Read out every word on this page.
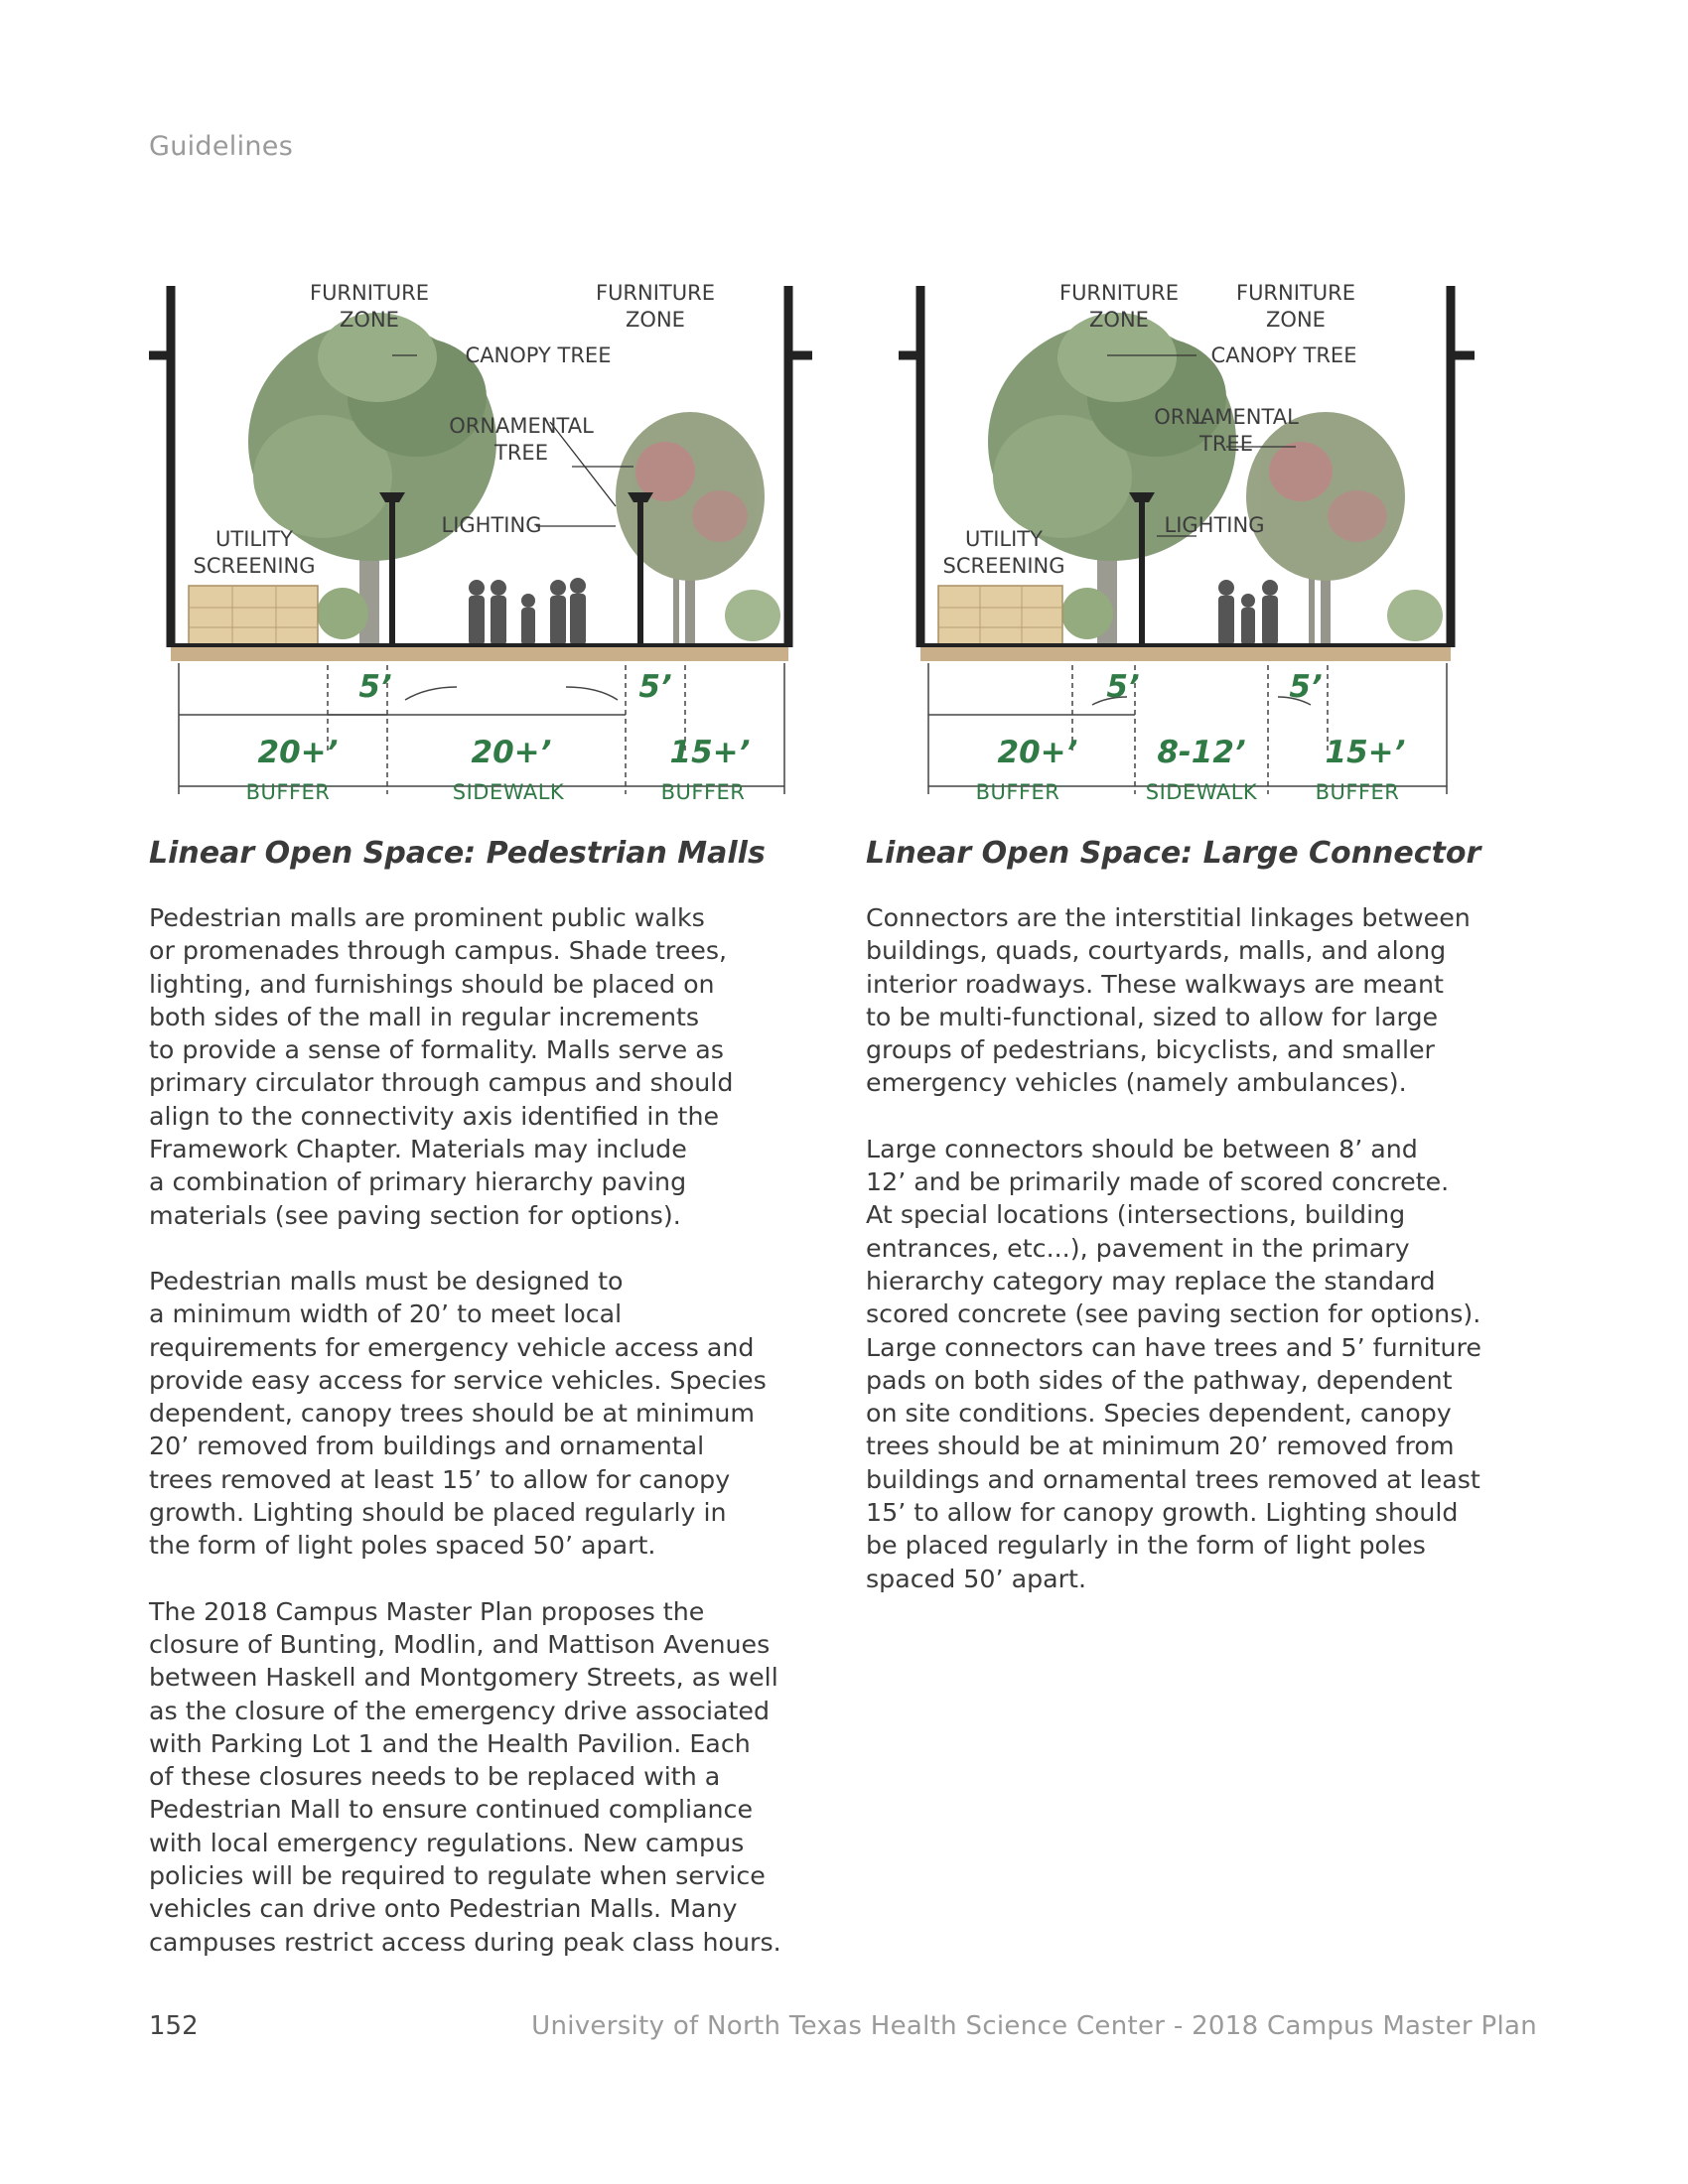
Guidelines
FURNITURE
ZONE
FURNITURE
ZONE
CANOPY TREE
ORNAMENTAL
TREE
LIGHTING
UTILITY
SCREENING
5’	5’
20+’	20+’	15+’
BUFFER	SIDEWALK	BUFFER
FURNITURE
ZONE
FURNITURE
ZONE
CANOPY TREE
ORNAMENTAL
TREE
LIGHTING
UTILITY
SCREENING
5’	5’
20+’	8-12’	15+’
BUFFER	SIDEWALK	BUFFER
Linear Open Space: Pedestrian Malls	Linear Open Space: Large Connector

Pedestrian malls are prominent public walks
or promenades through campus. Shade trees,
lighting, and furnishings should be placed on
both sides of the mall in regular increments
to provide a sense of formality. Malls serve as
primary circulator through campus and should
align to the connectivity axis identified in the
Framework Chapter. Materials may include
a combination of primary hierarchy paving
materials (see paving section for options).

Pedestrian malls must be designed to
a minimum width of 20’ to meet local
requirements for emergency vehicle access and
provide easy access for service vehicles. Species
dependent, canopy trees should be at minimum
20’ removed from buildings and ornamental
trees removed at least 15’ to allow for canopy
growth. Lighting should be placed regularly in
the form of light poles spaced 50’ apart.

The 2018 Campus Master Plan proposes the
closure of Bunting, Modlin, and Mattison Avenues
between Haskell and Montgomery Streets, as well
as the closure of the emergency drive associated
with Parking Lot 1 and the Health Pavilion. Each
of these closures needs to be replaced with a
Pedestrian Mall to ensure continued compliance
with local emergency regulations. New campus
policies will be required to regulate when service
vehicles can drive onto Pedestrian Malls. Many
campuses restrict access during peak class hours.

Connectors are the interstitial linkages between
buildings, quads, courtyards, malls, and along
interior roadways. These walkways are meant
to be multi-functional, sized to allow for large
groups of pedestrians, bicyclists, and smaller
emergency vehicles (namely ambulances).

Large connectors should be between 8’ and
12’ and be primarily made of scored concrete.
At special locations (intersections, building
entrances, etc...), pavement in the primary
hierarchy category may replace the standard
scored concrete (see paving section for options).
Large connectors can have trees and 5’ furniture
pads on both sides of the pathway, dependent
on site conditions. Species dependent, canopy
trees should be at minimum 20’ removed from
buildings and ornamental trees removed at least
15’ to allow for canopy growth. Lighting should
be placed regularly in the form of light poles
spaced 50’ apart.

152	University of North Texas Health Science Center - 2018 Campus Master Plan
